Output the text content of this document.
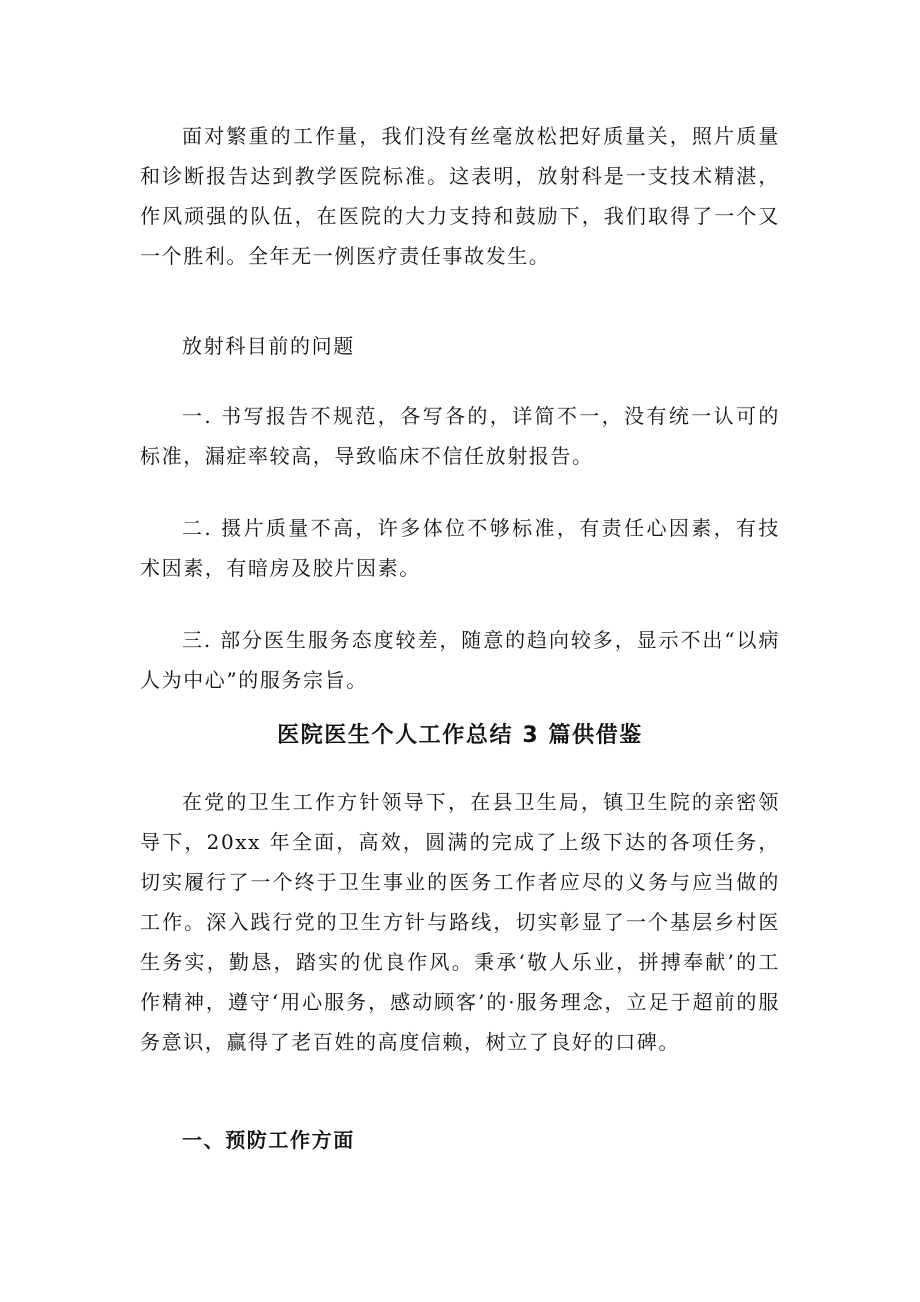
面对繁重的工作量，我们没有丝毫放松把好质量关，照片质量和诊断报告达到教学医院标准。这表明，放射科是一支技术精湛，作风顽强的队伍，在医院的大力支持和鼓励下，我们取得了一个又一个胜利。全年无一例医疗责任事故发生。

放射科目前的问题

一. 书写报告不规范，各写各的，详简不一，没有统一认可的标准，漏症率较高，导致临床不信任放射报告。

二. 摄片质量不高，许多体位不够标准，有责任心因素，有技术因素，有暗房及胶片因素。

三. 部分医生服务态度较差，随意的趋向较多，显示不出“以病人为中心”的服务宗旨。

医院医生个人工作总结 3 篇供借鉴

在党的卫生工作方针领导下，在县卫生局，镇卫生院的亲密领导下，20xx 年全面，高效，圆满的完成了上级下达的各项任务，切实履行了一个终于卫生事业的医务工作者应尽的义务与应当做的工作。深入践行党的卫生方针与路线，切实彰显了一个基层乡村医生务实，勤恳，踏实的优良作风。秉承‘敬人乐业，拼搏奉献’的工作精神，遵守‘用心服务，感动顾客’的·服务理念，立足于超前的服务意识，赢得了老百姓的高度信赖，树立了良好的口碑。

一、预防工作方面
